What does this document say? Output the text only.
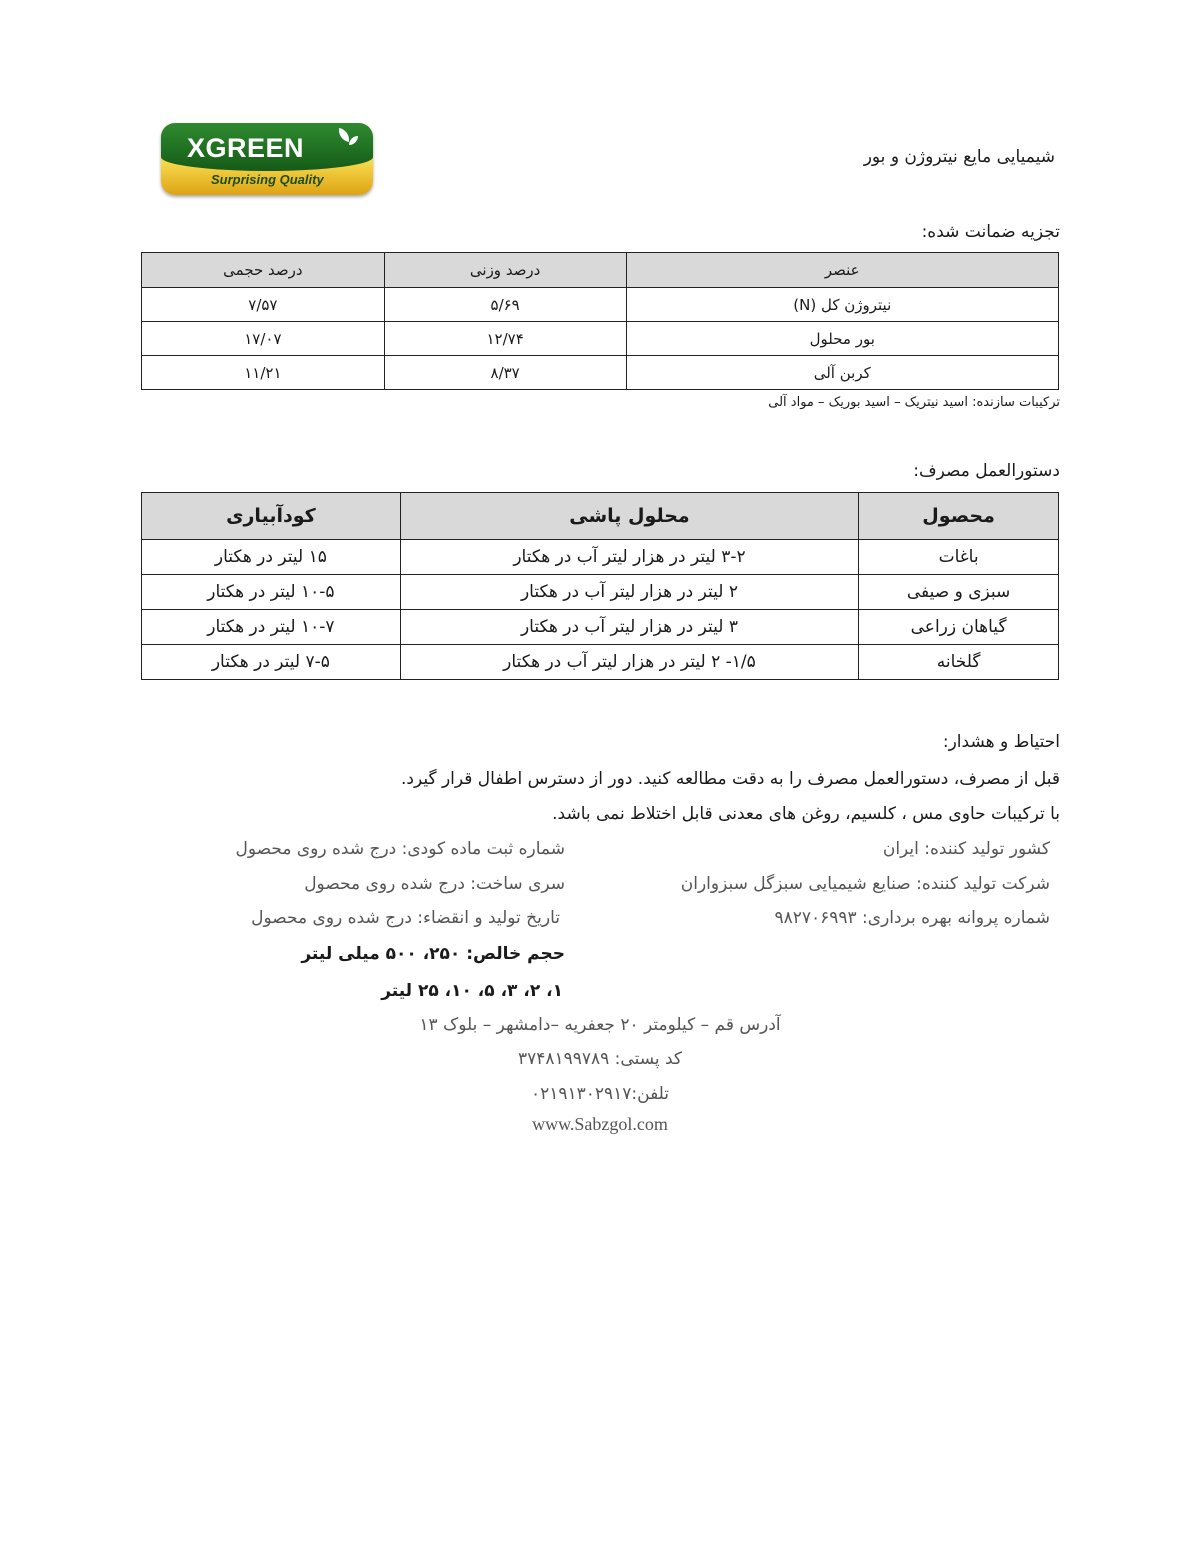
XGREEN
Surprising Quality
شیمیایی مایع نیتروژن و بور
تجزیه ضمانت شده:
عنصر	درصد وزنی	درصد حجمی
نیتروژن کل (N)	۵/۶۹	۷/۵۷
بور محلول	۱۲/۷۴	۱۷/۰۷
کربن آلی	۸/۳۷	۱۱/۲۱
ترکیبات سازنده: اسید نیتریک – اسید بوریک – مواد آلی
دستورالعمل مصرف:
محصول	محلول پاشی	کودآبیاری
باغات	۳-۲ لیتر در هزار لیتر آب در هکتار	۱۵ لیتر در هکتار
سبزی و صیفی	۲ لیتر در هزار لیتر آب در هکتار	۱۰-۵ لیتر در هکتار
گیاهان زراعی	۳ لیتر در هزار لیتر آب در هکتار	۱۰-۷ لیتر در هکتار
گلخانه	۱/۵- ۲ لیتر در هزار لیتر آب در هکتار	۷-۵ لیتر در هکتار
احتیاط و هشدار:
قبل از مصرف، دستورالعمل مصرف را به دقت مطالعه کنید. دور از دسترس اطفال قرار گیرد.
با ترکیبات حاوی مس ، کلسیم، روغن های معدنی قابل اختلاط نمی باشد.
کشور تولید کننده: ایران
شرکت تولید کننده: صنایع شیمیایی سبزگل سبزواران
شماره پروانه بهره برداری: ۹۸۲۷۰۶۹۹۳
شماره ثبت ماده کودی: درج شده روی محصول
سری ساخت: درج شده روی محصول
تاریخ تولید و انقضاء: درج شده روی محصول
حجم خالص: ۲۵۰، ۵۰۰ میلی لیتر
۱، ۲، ۳، ۵، ۱۰، ۲۵ لیتر
آدرس قم – کیلومتر ۲۰ جعفریه –دامشهر – بلوک ۱۳
کد پستی: ۳۷۴۸۱۹۹۷۸۹
تلفن:۰۲۱۹۱۳۰۲۹۱۷
www.Sabzgol.com
